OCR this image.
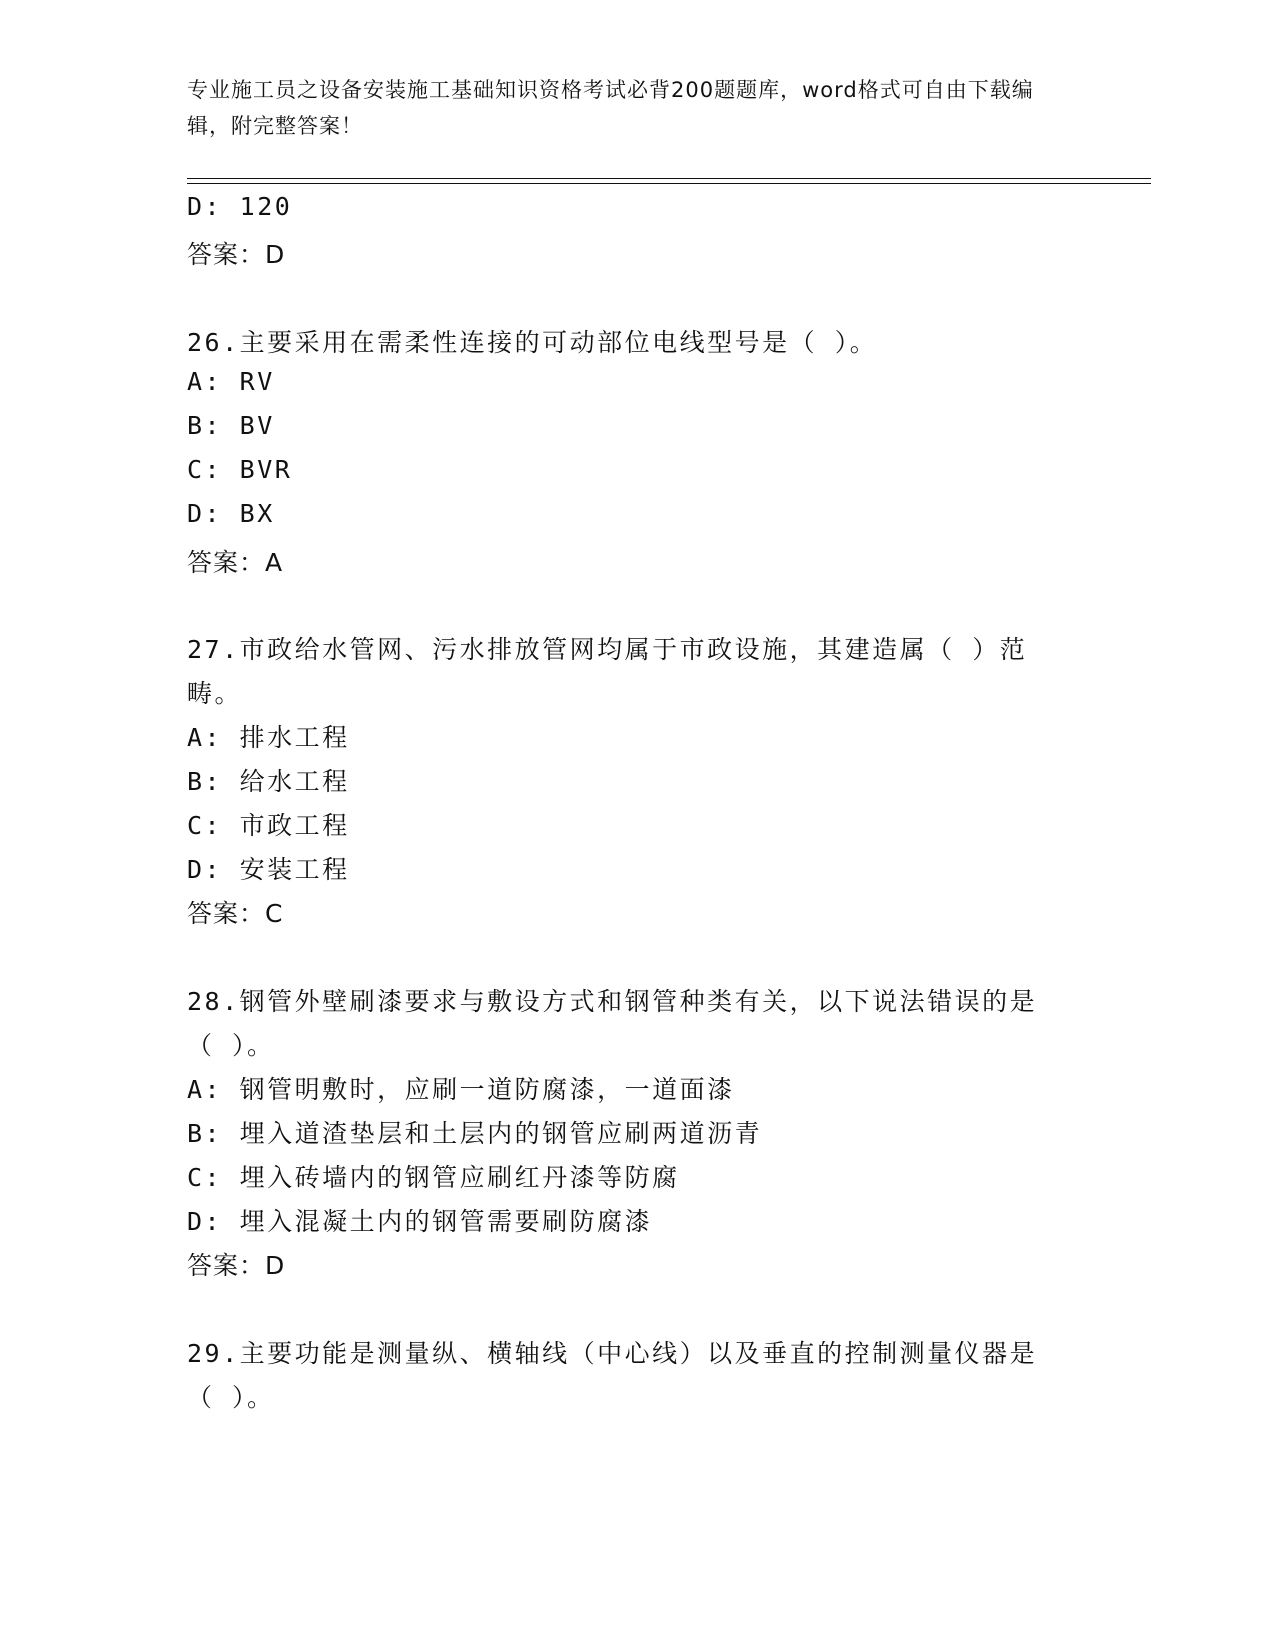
专业施工员之设备安装施工基础知识资格考试必背200题题库，word格式可自由下载编辑，附完整答案！
D: 120
答案：D
26.主要采用在需柔性连接的可动部位电线型号是（ ）。
A: RV
B: BV
C: BVR
D: BX
答案：A
27.市政给水管网、污水排放管网均属于市政设施，其建造属（ ）范
畴。
A: 排水工程
B: 给水工程
C: 市政工程
D: 安装工程
答案：C
28.钢管外壁刷漆要求与敷设方式和钢管种类有关，以下说法错误的是
（ ）。
A: 钢管明敷时，应刷一道防腐漆，一道面漆
B: 埋入道渣垫层和土层内的钢管应刷两道沥青
C: 埋入砖墙内的钢管应刷红丹漆等防腐
D: 埋入混凝土内的钢管需要刷防腐漆
答案：D
29.主要功能是测量纵、横轴线（中心线）以及垂直的控制测量仪器是
（ ）。
